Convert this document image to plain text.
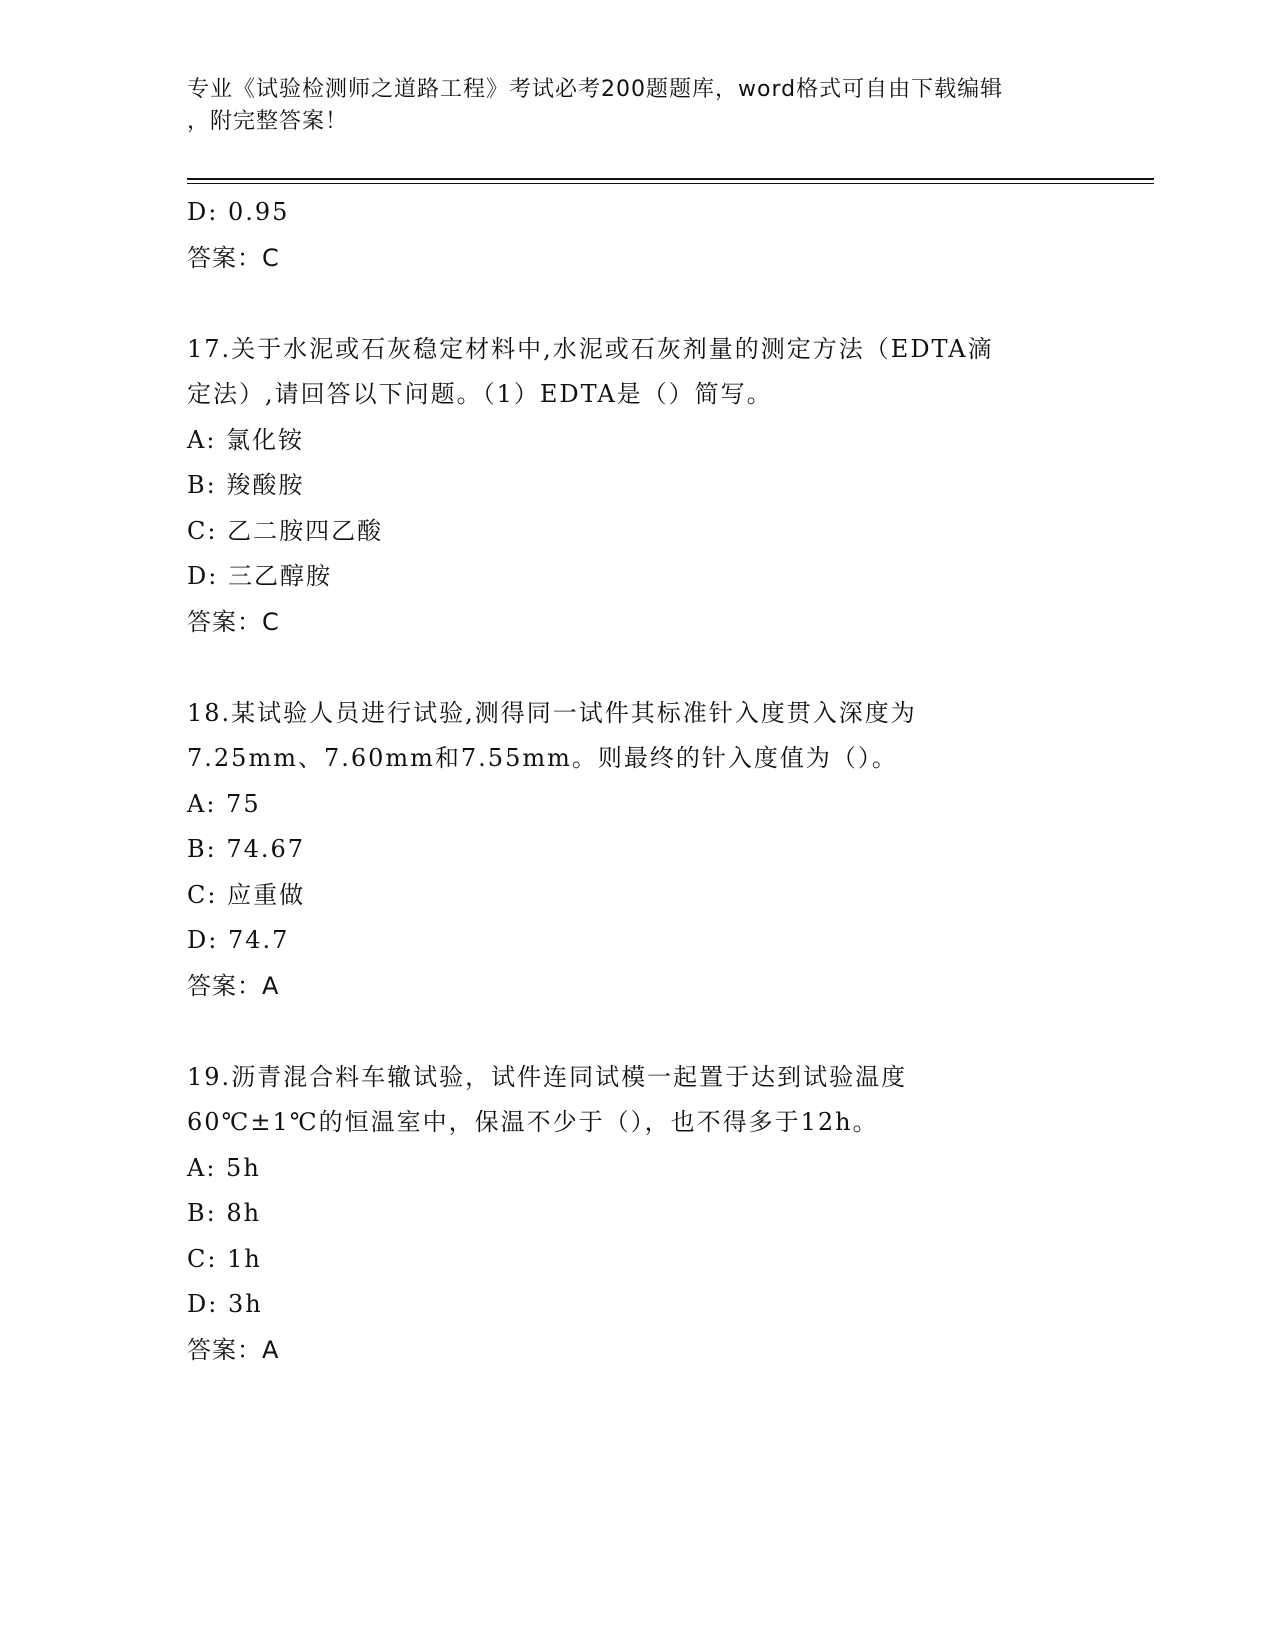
专业《试验检测师之道路工程》考试必考200题题库，word格式可自由下载编辑
，附完整答案！
D: 0.95
答案：C
17.关于水泥或石灰稳定材料中,水泥或石灰剂量的测定方法（EDTA滴
定法）,请回答以下问题。（1）EDTA是（）简写。
A: 氯化铵
B: 羧酸胺
C: 乙二胺四乙酸
D: 三乙醇胺
答案：C
18.某试验人员进行试验,测得同一试件其标准针入度贯入深度为
7.25mm、7.60mm和7.55mm。则最终的针入度值为（）。
A: 75
B: 74.67
C: 应重做
D: 74.7
答案：A
19.沥青混合料车辙试验，试件连同试模一起置于达到试验温度
60℃±1℃的恒温室中，保温不少于（），也不得多于12h。
A: 5h
B: 8h
C: 1h
D: 3h
答案：A
